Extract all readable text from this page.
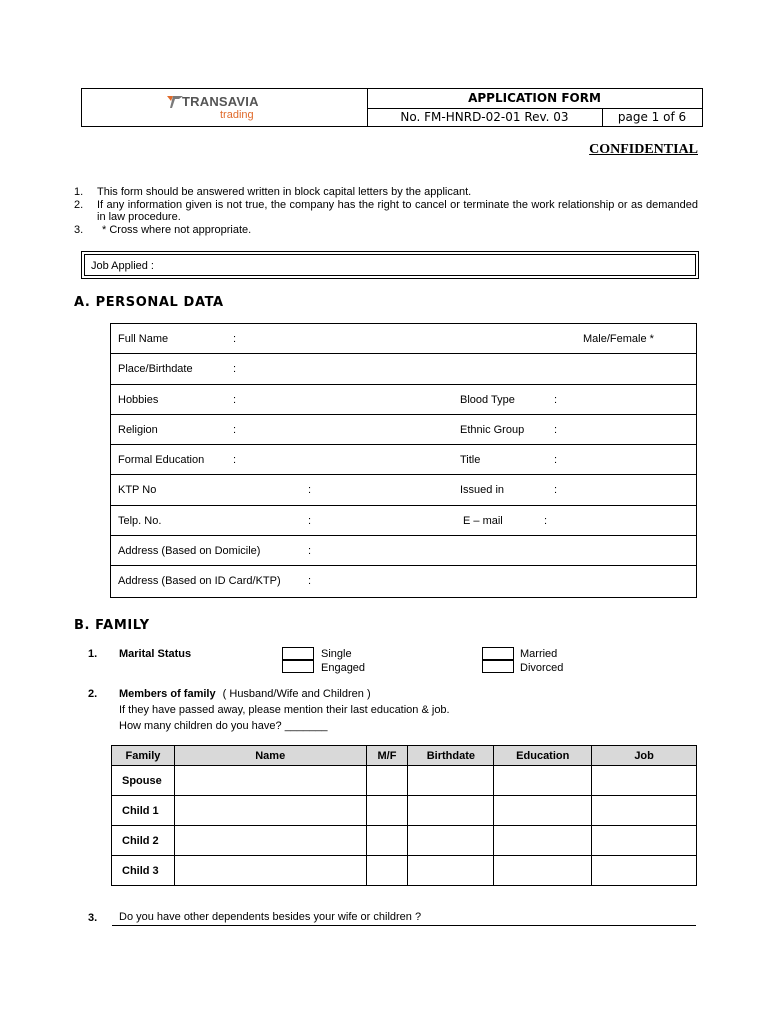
TRANSAVIA
trading
APPLICATION FORM
No. FM-HNRD-02-01 Rev. 03	page 1 of 6
CONFIDENTIAL
1.	This form should be answered written in block capital letters by the applicant.
2.	If any information given is not true, the company has the right to cancel or terminate the work relationship or as demanded in law procedure.
3.	* Cross where not appropriate.
Job Applied :
A. PERSONAL DATA
Full Name	:	Male/Female *
Place/Birthdate	:
Hobbies	:	Blood Type	:
Religion	:	Ethnic Group	:
Formal Education	:	Title	:
KTP No	:	Issued in	:
Telp. No.	:	E – mail	:
Address (Based on Domicile)	:
Address (Based on ID Card/KTP) :
B. FAMILY
1. Marital Status	Single
Engaged
Married
Divorced
2. Members of family ( Husband/Wife and Children )
If they have passed away, please mention their last education & job.
How many children do you have? _______
Family	Name	M/F	Birthdate	Education	Job
Spouse					
Child 1					
Child 2					
Child 3					
3.	Do you have other dependents besides your wife or children ?
